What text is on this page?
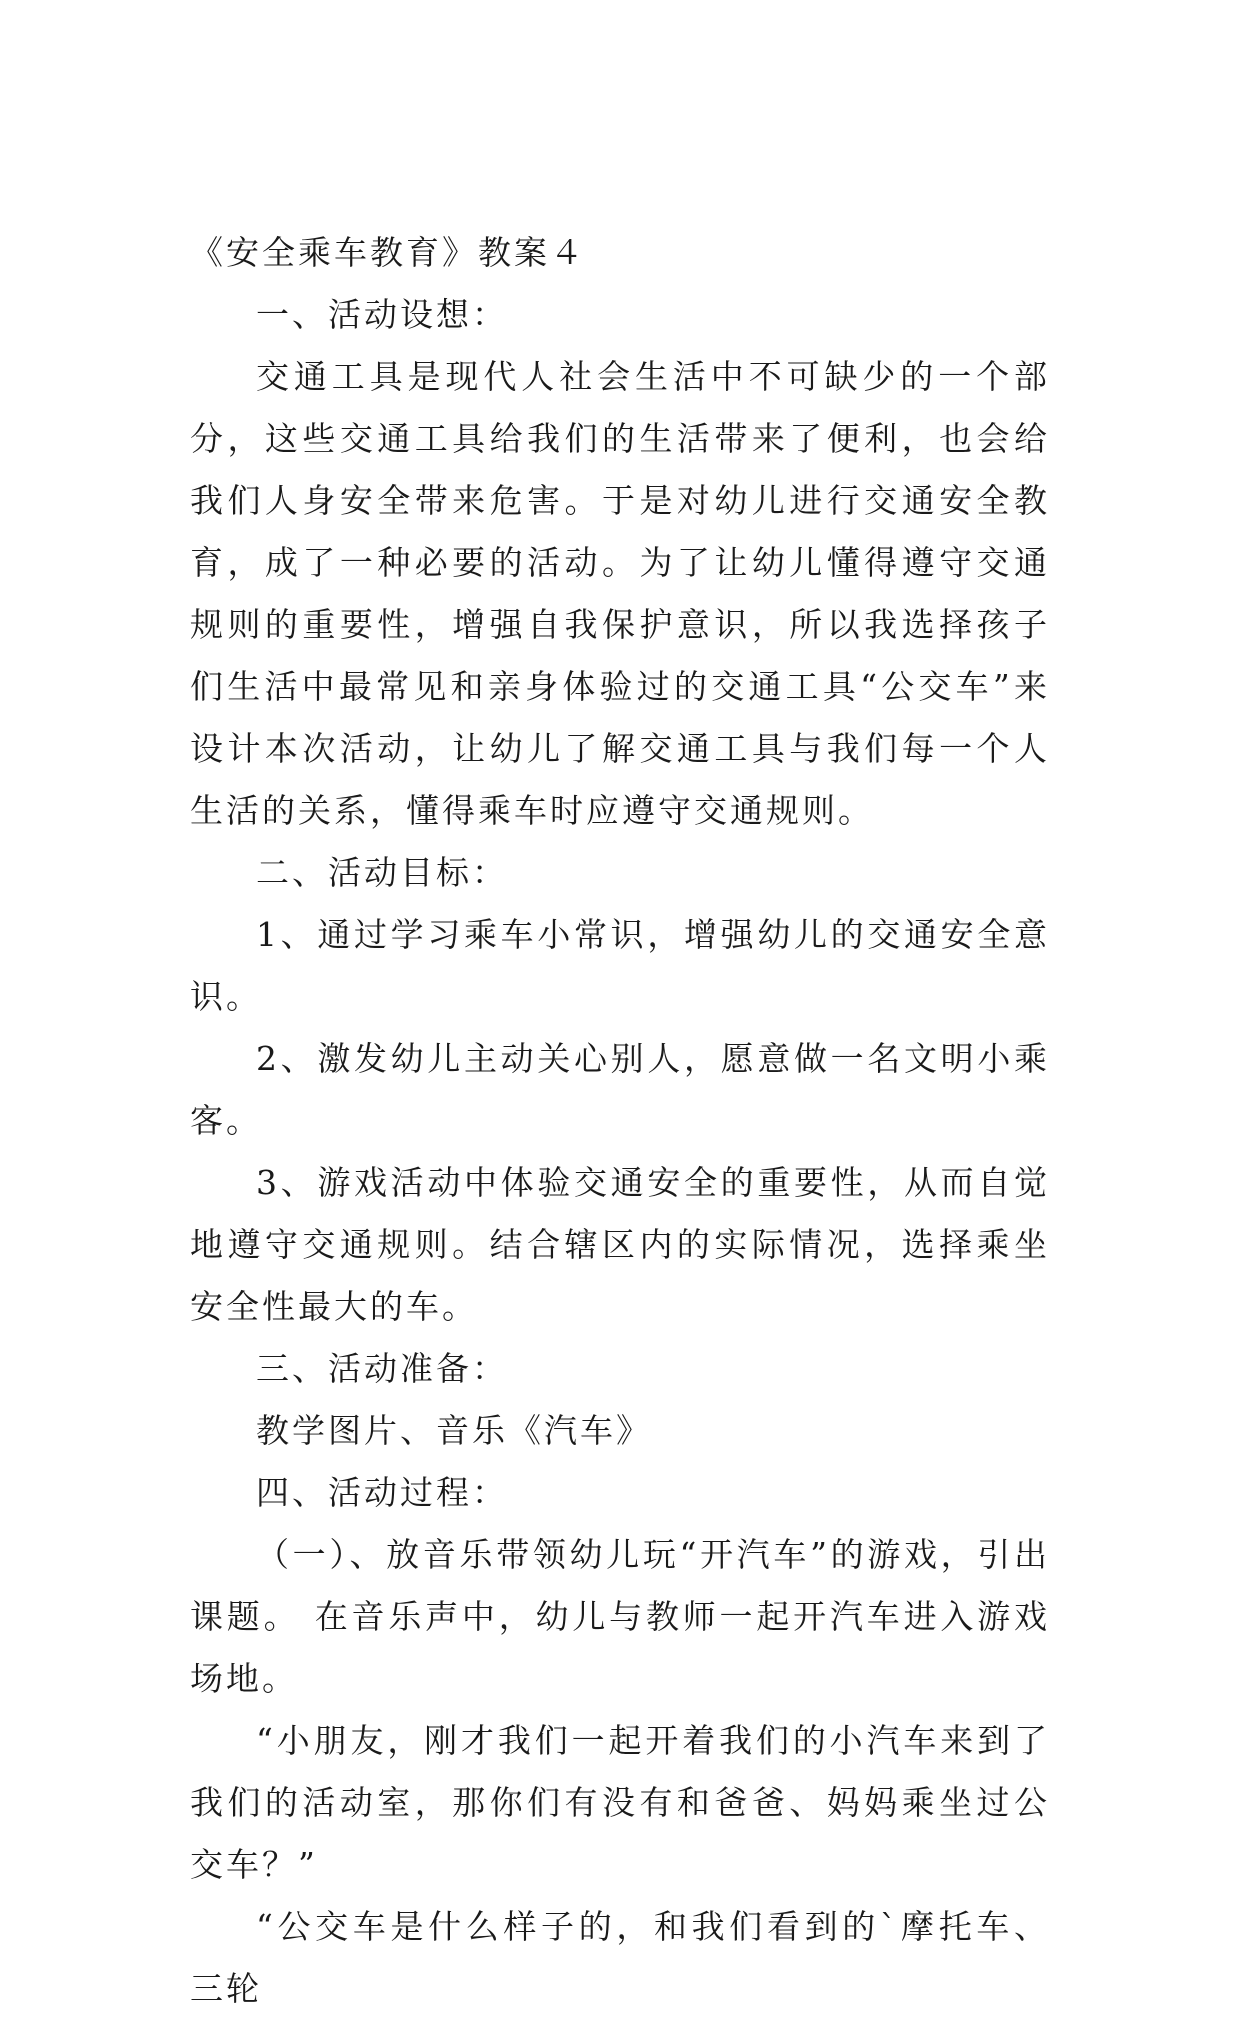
《安全乘车教育》教案４

一、活动设想：

交通工具是现代人社会生活中不可缺少的一个部分，这些交通工具给我们的生活带来了便利，也会给我们人身安全带来危害。于是对幼儿进行交通安全教育，成了一种必要的活动。为了让幼儿懂得遵守交通规则的重要性，增强自我保护意识，所以我选择孩子们生活中最常见和亲身体验过的交通工具“公交车”来设计本次活动，让幼儿了解交通工具与我们每一个人生活的关系，懂得乘车时应遵守交通规则。

二、活动目标：

1、通过学习乘车小常识，增强幼儿的交通安全意识。

2、激发幼儿主动关心别人，愿意做一名文明小乘客。

3、游戏活动中体验交通安全的重要性，从而自觉地遵守交通规则。结合辖区内的实际情况，选择乘坐安全性最大的车。

三、活动准备：

教学图片、音乐《汽车》

四、活动过程：

（一）、放音乐带领幼儿玩“开汽车”的游戏，引出课题。 在音乐声中，幼儿与教师一起开汽车进入游戏场地。

“小朋友，刚才我们一起开着我们的小汽车来到了我们的活动室，那你们有没有和爸爸、妈妈乘坐过公交车？”

“公交车是什么样子的，和我们看到的`摩托车、三轮
